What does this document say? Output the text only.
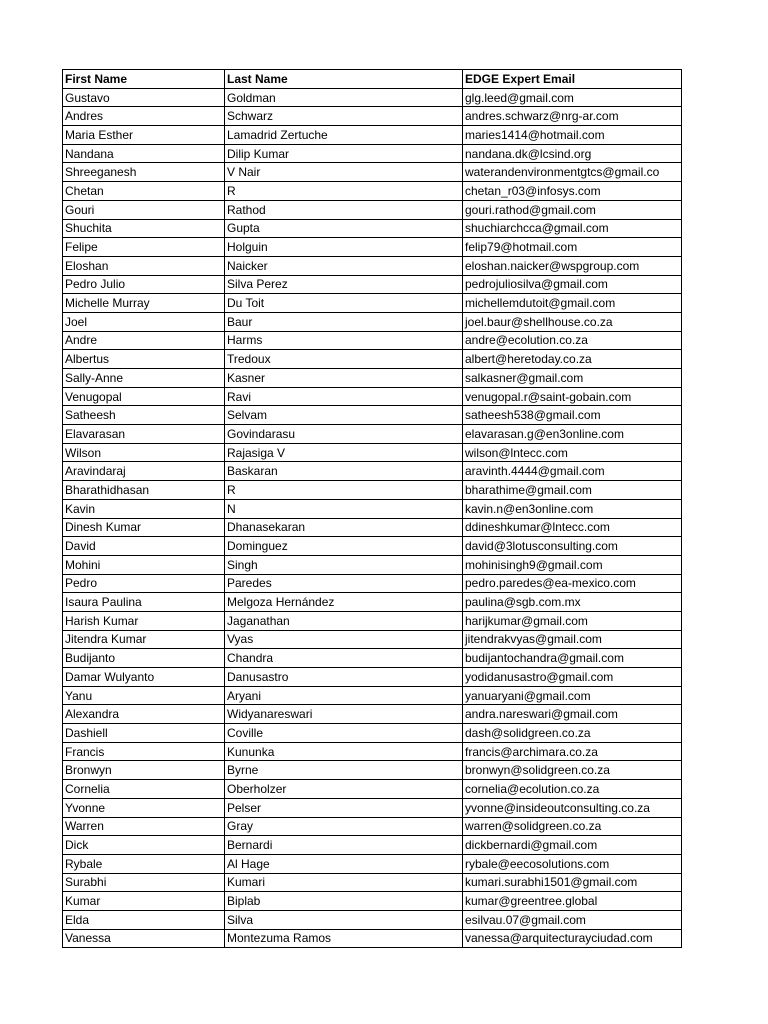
First Name	Last Name	EDGE Expert Email
Gustavo	Goldman	glg.leed@gmail.com
Andres	Schwarz	andres.schwarz@nrg-ar.com
Maria Esther	Lamadrid Zertuche	maries1414@hotmail.com
Nandana	Dilip Kumar	nandana.dk@lcsind.org
Shreeganesh	V Nair	waterandenvironmentgtcs@gmail.co
Chetan	R	chetan_r03@infosys.com
Gouri	Rathod	gouri.rathod@gmail.com
Shuchita	Gupta	shuchiarchcca@gmail.com
Felipe	Holguin	felip79@hotmail.com
Eloshan	Naicker	eloshan.naicker@wspgroup.com
Pedro Julio	Silva Perez	pedrojuliosilva@gmail.com
Michelle Murray	Du Toit	michellemdutoit@gmail.com
Joel	Baur	joel.baur@shellhouse.co.za
Andre	Harms	andre@ecolution.co.za
Albertus	Tredoux	albert@heretoday.co.za
Sally-Anne	Kasner	salkasner@gmail.com
Venugopal	Ravi	venugopal.r@saint-gobain.com
Satheesh	Selvam	satheesh538@gmail.com
Elavarasan	Govindarasu	elavarasan.g@en3online.com
Wilson	Rajasiga V	wilson@lntecc.com
Aravindaraj	Baskaran	aravinth.4444@gmail.com
Bharathidhasan	R	bharathime@gmail.com
Kavin	N	kavin.n@en3online.com
Dinesh Kumar	Dhanasekaran	ddineshkumar@lntecc.com
David	Dominguez	david@3lotusconsulting.com
Mohini	Singh	mohinisingh9@gmail.com
Pedro	Paredes	pedro.paredes@ea-mexico.com
Isaura Paulina	Melgoza Hernández	paulina@sgb.com.mx
Harish Kumar	Jaganathan	harijkumar@gmail.com
Jitendra Kumar	Vyas	jitendrakvyas@gmail.com
Budijanto	Chandra	budijantochandra@gmail.com
Damar Wulyanto	Danusastro	yodidanusastro@gmail.com
Yanu	Aryani	yanuaryani@gmail.com
Alexandra	Widyanareswari	andra.nareswari@gmail.com
Dashiell	Coville	dash@solidgreen.co.za
Francis	Kununka	francis@archimara.co.za
Bronwyn	Byrne	bronwyn@solidgreen.co.za
Cornelia	Oberholzer	cornelia@ecolution.co.za
Yvonne	Pelser	yvonne@insideoutconsulting.co.za
Warren	Gray	warren@solidgreen.co.za
Dick	Bernardi	dickbernardi@gmail.com
Rybale	Al Hage	rybale@eecosolutions.com
Surabhi	Kumari	kumari.surabhi1501@gmail.com
Kumar	Biplab	kumar@greentree.global
Elda	Silva	esilvau.07@gmail.com
Vanessa	Montezuma Ramos	vanessa@arquitecturayciudad.com
